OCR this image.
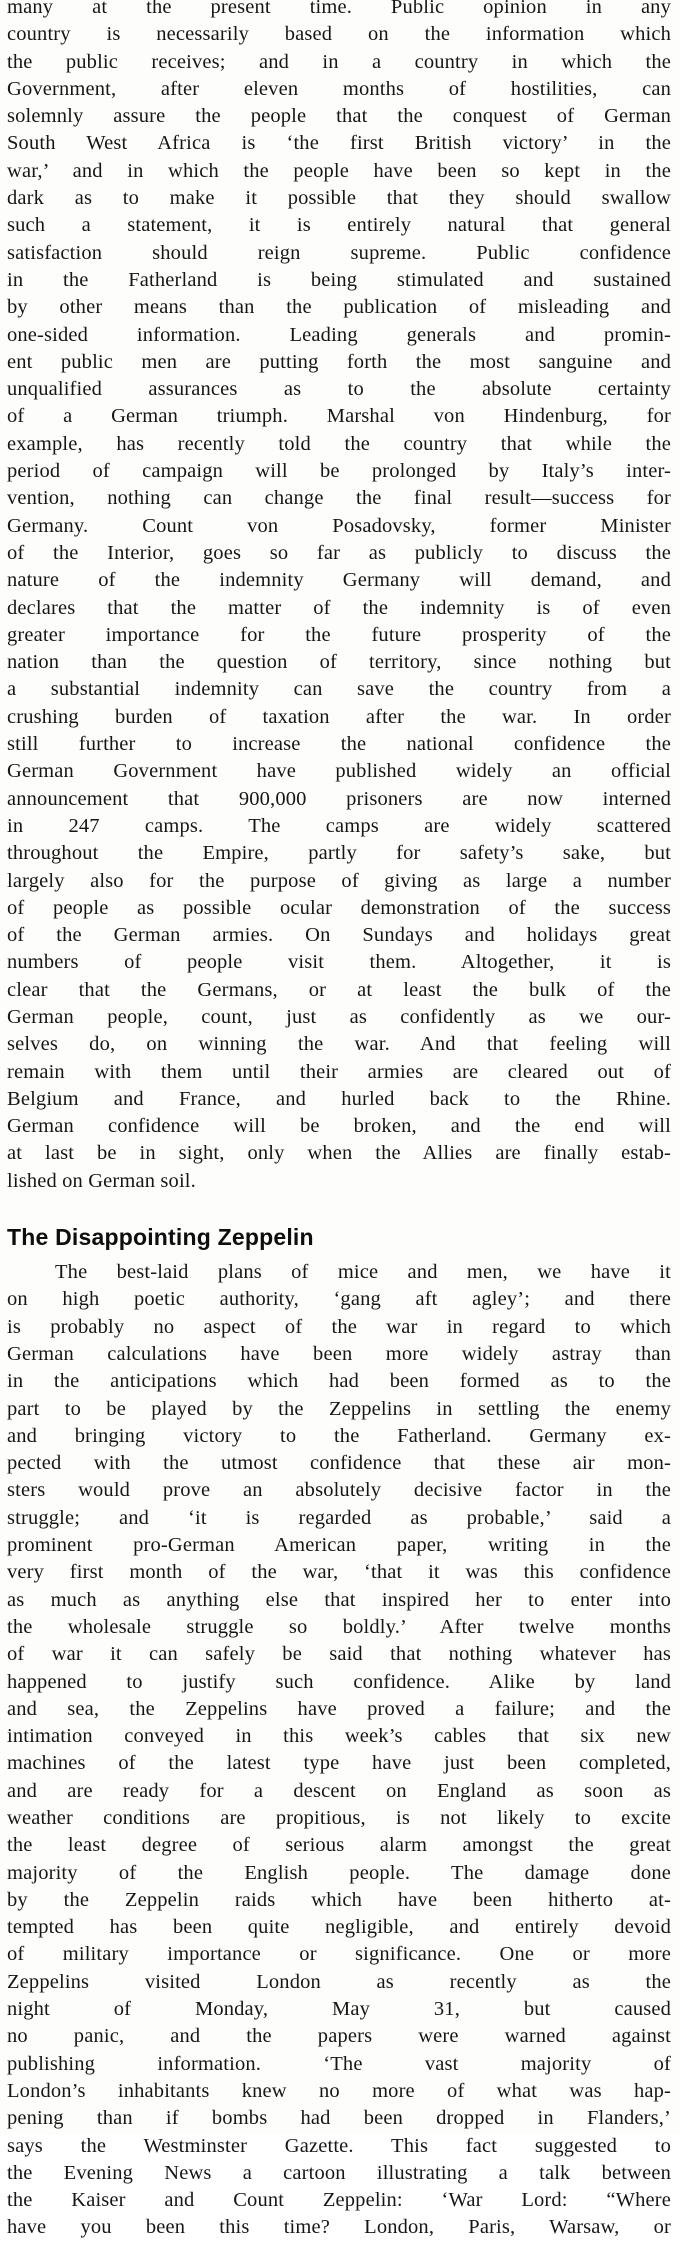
many at the present time. Public opinion in any
country is necessarily based on the information which
the public receives; and in a country in which the
Government, after eleven months of hostilities, can
solemnly assure the people that the conquest of German
South West Africa is ‘the first British victory’ in the
war,’ and in which the people have been so kept in the
dark as to make it possible that they should swallow
such a statement, it is entirely natural that general
satisfaction should reign supreme. Public confidence
in the Fatherland is being stimulated and sustained
by other means than the publication of misleading and
one-sided information. Leading generals and promin-
ent public men are putting forth the most sanguine and
unqualified assurances as to the absolute certainty
of a German triumph. Marshal von Hindenburg, for
example, has recently told the country that while the
period of campaign will be prolonged by Italy’s inter-
vention, nothing can change the final result—success for
Germany. Count von Posadovsky, former Minister
of the Interior, goes so far as publicly to discuss the
nature of the indemnity Germany will demand, and
declares that the matter of the indemnity is of even
greater importance for the future prosperity of the
nation than the question of territory, since nothing but
a substantial indemnity can save the country from a
crushing burden of taxation after the war. In order
still further to increase the national confidence the
German Government have published widely an official
announcement that 900,000 prisoners are now interned
in 247 camps. The camps are widely scattered
throughout the Empire, partly for safety’s sake, but
largely also for the purpose of giving as large a number
of people as possible ocular demonstration of the success
of the German armies. On Sundays and holidays great
numbers of people visit them. Altogether, it is
clear that the Germans, or at least the bulk of the
German people, count, just as confidently as we our-
selves do, on winning the war. And that feeling will
remain with them until their armies are cleared out of
Belgium and France, and hurled back to the Rhine.
German confidence will be broken, and the end will
at last be in sight, only when the Allies are finally estab-
lished on German soil.
The Disappointing Zeppelin
The best-laid plans of mice and men, we have it
on high poetic authority, ‘gang aft agley’; and there
is probably no aspect of the war in regard to which
German calculations have been more widely astray than
in the anticipations which had been formed as to the
part to be played by the Zeppelins in settling the enemy
and bringing victory to the Fatherland. Germany ex-
pected with the utmost confidence that these air mon-
sters would prove an absolutely decisive factor in the
struggle; and ‘it is regarded as probable,’ said a
prominent pro-German American paper, writing in the
very first month of the war, ‘that it was this confidence
as much as anything else that inspired her to enter into
the wholesale struggle so boldly.’ After twelve months
of war it can safely be said that nothing whatever has
happened to justify such confidence. Alike by land
and sea, the Zeppelins have proved a failure; and the
intimation conveyed in this week’s cables that six new
machines of the latest type have just been completed,
and are ready for a descent on England as soon as
weather conditions are propitious, is not likely to excite
the least degree of serious alarm amongst the great
majority of the English people. The damage done
by the Zeppelin raids which have been hitherto at-
tempted has been quite negligible, and entirely devoid
of military importance or significance. One or more
Zeppelins visited London as recently as the
night of Monday, May 31, but caused
no panic, and the papers were warned against
publishing information. ‘The vast majority of
London’s inhabitants knew no more of what was hap-
pening than if bombs had been dropped in Flanders,’
says the Westminster Gazette. This fact suggested to
the Evening News a cartoon illustrating a talk between
the Kaiser and Count Zeppelin: ‘War Lord: “Where
have you been this time? London, Paris, Warsaw, or
